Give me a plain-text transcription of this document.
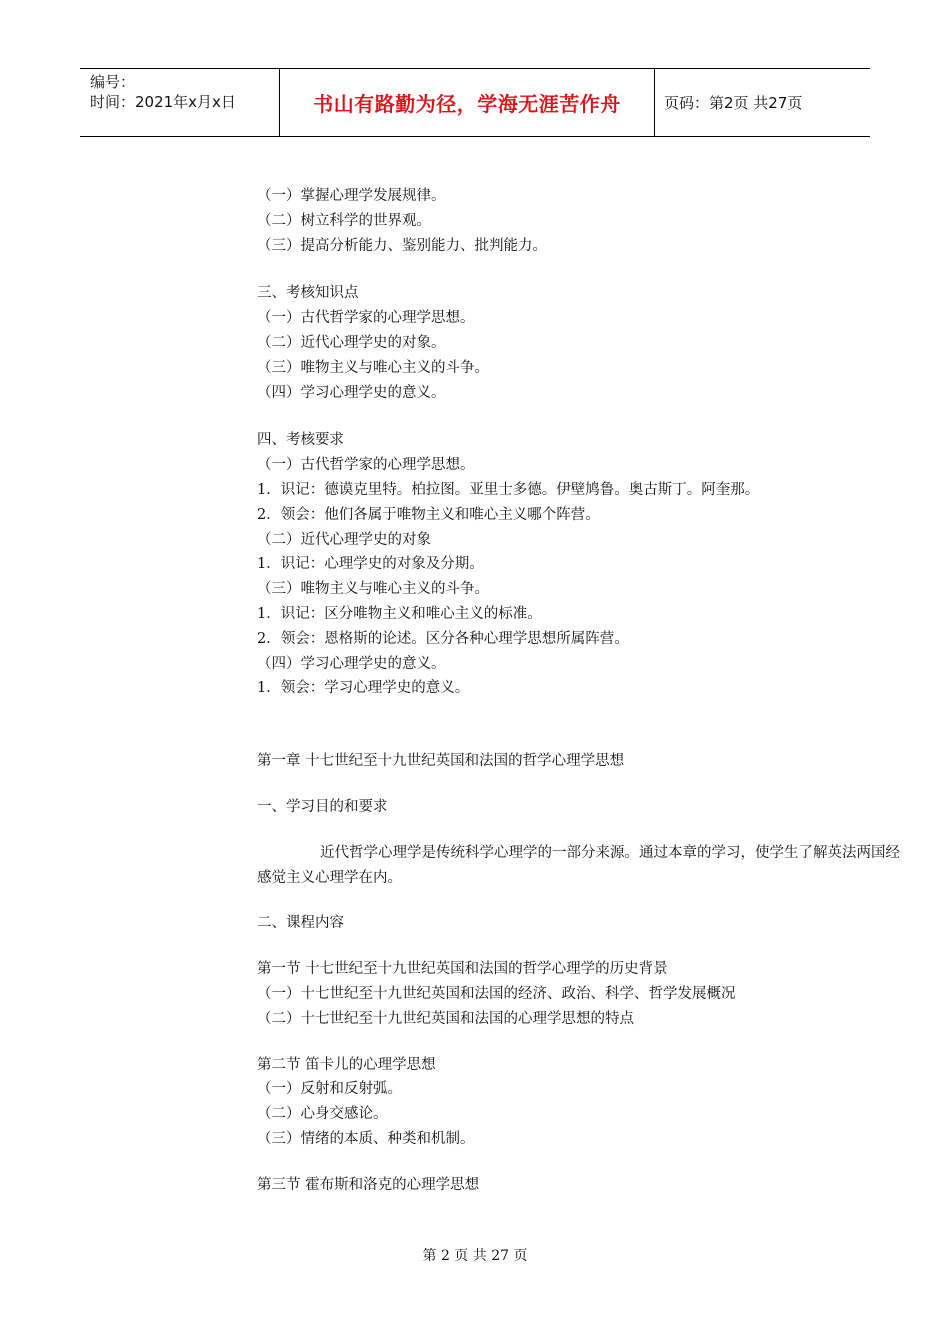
编号：
时间：2021年x月x日	书山有路勤为径，学海无涯苦作舟	页码：第2页 共27页

（一）掌握心理学发展规律。

（二）树立科学的世界观。

（三）提高分析能力、鉴别能力、批判能力。

三、考核知识点

（一）古代哲学家的心理学思想。

（二）近代心理学史的对象。

（三）唯物主义与唯心主义的斗争。

（四）学习心理学史的意义。

四、考核要求

（一）古代哲学家的心理学思想。

1．识记：德谟克里特。柏拉图。亚里士多德。伊壁鸠鲁。奥古斯丁。阿奎那。

2．领会：他们各属于唯物主义和唯心主义哪个阵营。

（二）近代心理学史的对象

1．识记：心理学史的对象及分期。

（三）唯物主义与唯心主义的斗争。

1．识记：区分唯物主义和唯心主义的标准。

2．领会：恩格斯的论述。区分各种心理学思想所属阵营。

（四）学习心理学史的意义。

1．领会：学习心理学史的意义。

第一章 十七世纪至十九世纪英国和法国的哲学心理学思想

一、学习目的和要求

近代哲学心理学是传统科学心理学的一部分来源。通过本章的学习，使学生了解英法两国经

感觉主义心理学在内。

二、课程内容

第一节 十七世纪至十九世纪英国和法国的哲学心理学的历史背景

（一）十七世纪至十九世纪英国和法国的经济、政治、科学、哲学发展概况

（二）十七世纪至十九世纪英国和法国的心理学思想的特点

第二节 笛卡儿的心理学思想

（一）反射和反射弧。

（二）心身交感论。

（三）情绪的本质、种类和机制。

第三节 霍布斯和洛克的心理学思想

第 2 页 共 27 页
